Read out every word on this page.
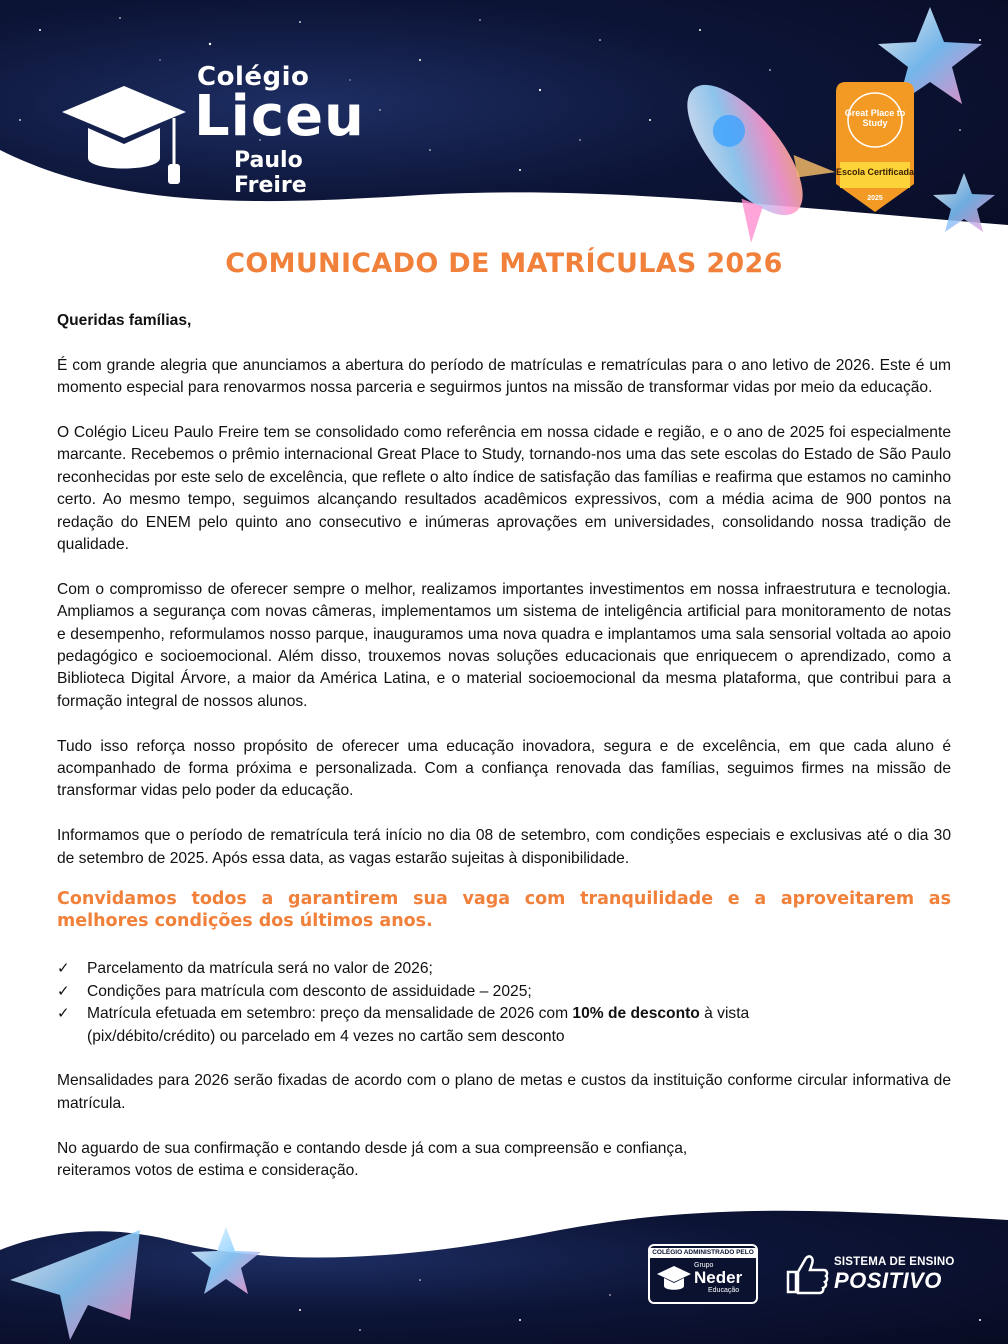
Colégio
Liceu
Paulo Freire
Great Place to Study
Escola Certificada
2025
COMUNICADO DE MATRÍCULAS 2026

Queridas famílias,

É com grande alegria que anunciamos a abertura do período de matrículas e rematrículas para o ano letivo de 2026. Este é um momento especial para renovarmos nossa parceria e seguirmos juntos na missão de transformar vidas por meio da educação.

O Colégio Liceu Paulo Freire tem se consolidado como referência em nossa cidade e região, e o ano de 2025 foi especialmente marcante. Recebemos o prêmio internacional Great Place to Study, tornando-nos uma das sete escolas do Estado de São Paulo reconhecidas por este selo de excelência, que reflete o alto índice de satisfação das famílias e reafirma que estamos no caminho certo. Ao mesmo tempo, seguimos alcançando resultados acadêmicos expressivos, com a média acima de 900 pontos na redação do ENEM pelo quinto ano consecutivo e inúmeras aprovações em universidades, consolidando nossa tradição de qualidade.

Com o compromisso de oferecer sempre o melhor, realizamos importantes investimentos em nossa infraestrutura e tecnologia. Ampliamos a segurança com novas câmeras, implementamos um sistema de inteligência artificial para monitoramento de notas e desempenho, reformulamos nosso parque, inauguramos uma nova quadra e implantamos uma sala sensorial voltada ao apoio pedagógico e socioemocional. Além disso, trouxemos novas soluções educacionais que enriquecem o aprendizado, como a Biblioteca Digital Árvore, a maior da América Latina, e o material socioemocional da mesma plataforma, que contribui para a formação integral de nossos alunos.

Tudo isso reforça nosso propósito de oferecer uma educação inovadora, segura e de excelência, em que cada aluno é acompanhado de forma próxima e personalizada. Com a confiança renovada das famílias, seguimos firmes na missão de transformar vidas pelo poder da educação.

Informamos que o período de rematrícula terá início no dia 08 de setembro, com condições especiais e exclusivas até o dia 30 de setembro de 2025. Após essa data, as vagas estarão sujeitas à disponibilidade.

Convidamos todos a garantirem sua vaga com tranquilidade e a aproveitarem as melhores condições dos últimos anos.

✓ Parcelamento da matrícula será no valor de 2026;
✓ Condições para matrícula com desconto de assiduidade – 2025;
✓ Matrícula efetuada em setembro: preço da mensalidade de 2026 com 10% de desconto à vista
(pix/débito/crédito) ou parcelado em 4 vezes no cartão sem desconto

Mensalidades para 2026 serão fixadas de acordo com o plano de metas e custos da instituição conforme circular informativa de matrícula.

No aguardo de sua confirmação e contando desde já com a sua compreensão e confiança,
reiteramos votos de estima e consideração.

COLÉGIO ADMINISTRADO PELO
Grupo
Neder
Educação
SISTEMA DE ENSINO
POSITIVO
